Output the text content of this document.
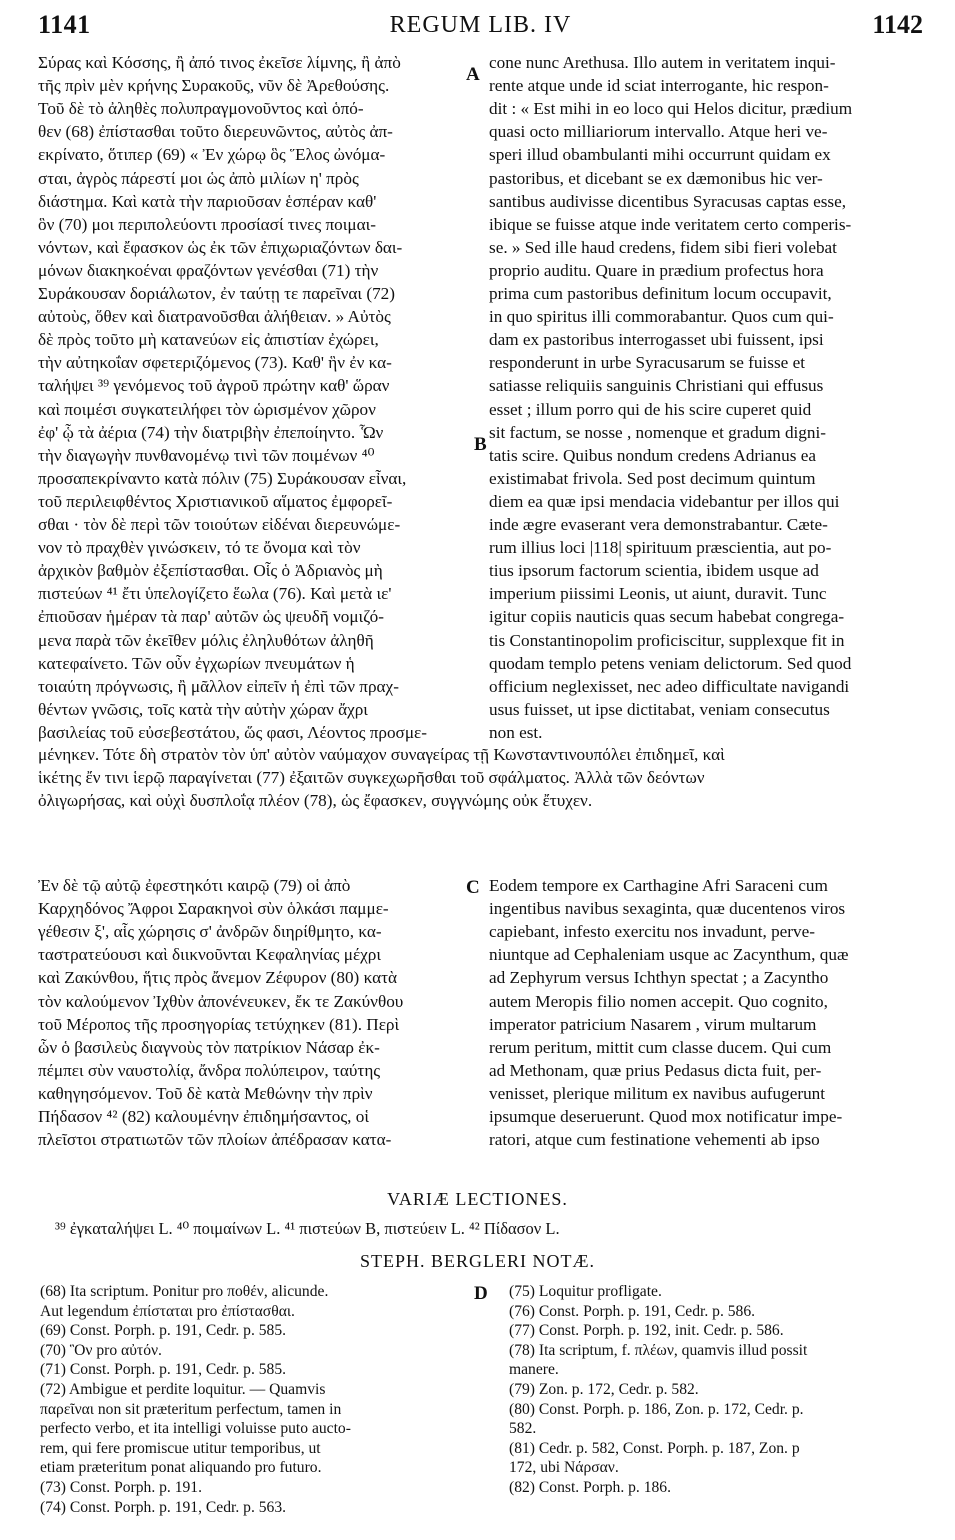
1141	REGUM LIB. IV	1142
Σύρας καὶ Κόσσης, ἢ ἀπό τινος ἐκεῖσε λίμνης, ἢ ἀπὸ
τῆς πρὶν μὲν κρήνης Συρακοῦς, νῦν δὲ Ἀρεθούσης.
Τοῦ δὲ τὸ ἀληθὲς πολυπραγμονοῦντος καὶ ὁπό-
θεν (68) ἐπίστασθαι τοῦτο διερευνῶντος, αὐτὸς ἀπ-
εκρίνατο, ὅτιπερ (69) « Ἐν χώρῳ ὃς Ἕλος ὠνόμα-
σται, ἀγρὸς πάρεστί μοι ὡς ἀπὸ μιλίων η' πρὸς
διάστημα. Καὶ κατὰ τὴν παριοῦσαν ἑσπέραν καθ'
ὃν (70) μοι περιπολεύοντι προσίασί τινες ποιμαι-
νόντων, καὶ ἔφασκον ὡς ἐκ τῶν ἐπιχωριαζόντων δαι-
μόνων διακηκοέναι φραζόντων γενέσθαι (71) τὴν
Συράκουσαν δοριάλωτον, ἐν ταύτῃ τε παρεῖναι (72)
αὐτοὺς, ὅθεν καὶ διατρανοῦσθαι ἀλήθειαν. » Αὐτὸς
δὲ πρὸς τοῦτο μὴ κατανεύων εἰς ἀπιστίαν ἐχώρει,
τὴν αὐτηκοΐαν σφετεριζόμενος (73). Καθ' ἣν ἐν κα-
ταλήψει ³⁹ γενόμενος τοῦ ἀγροῦ πρώτην καθ' ὥραν
καὶ ποιμέσι συγκατειλήφει τὸν ὡρισμένον χῶρον
ἐφ' ᾧ τὰ ἀέρια (74) τὴν διατριβὴν ἐπεποίηντο. Ὧν
τὴν διαγωγὴν πυνθανομένῳ τινὶ τῶν ποιμένων ⁴⁰
προσαπεκρίναντο κατὰ πόλιν (75) Συράκουσαν εἶναι,
τοῦ περιλειφθέντος Χριστιανικοῦ αἵματος ἐμφορεῖ-
σθαι · τὸν δὲ περὶ τῶν τοιούτων εἰδέναι διερευνώμε-
νον τὸ πραχθὲν γινώσκειν, τό τε ὄνομα καὶ τὸν
ἀρχικὸν βαθμὸν ἐξεπίστασθαι. Οἷς ὁ Ἀδριανὸς μὴ
πιστεύων ⁴¹ ἔτι ὑπελογίζετο ἕωλα (76). Καὶ μετὰ ιε'
ἐπιοῦσαν ἡμέραν τὰ παρ' αὐτῶν ὡς ψευδῆ νομιζό-
μενα παρὰ τῶν ἐκεῖθεν μόλις ἐληλυθότων ἀληθῆ
κατεφαίνετο. Τῶν οὖν ἐγχωρίων πνευμάτων ἡ
τοιαύτη πρόγνωσις, ἢ μᾶλλον εἰπεῖν ἡ ἐπὶ τῶν πραχ-
θέντων γνῶσις, τοῖς κατὰ τὴν αὐτὴν χώραν ἄχρι
βασιλείας τοῦ εὐσεβεστάτου, ὥς φασι, Λέοντος προσμε-
cone nunc Arethusa. Illo autem in veritatem inqui-
rente atque unde id sciat interrogante, hic respon-
dit : « Est mihi in eo loco qui Helos dicitur, prædium
quasi octo milliariorum intervallo. Atque heri ve-
speri illud obambulanti mihi occurrunt quidam ex
pastoribus, et dicebant se ex dæmonibus hic ver-
santibus audivisse dicentibus Syracusas captas esse,
ibique se fuisse atque inde veritatem certo comperis-
se. » Sed ille haud credens, fidem sibi fieri volebat
proprio auditu. Quare in prædium profectus hora
prima cum pastoribus definitum locum occupavit,
in quo spiritus illi commorabantur. Quos cum qui-
dam ex pastoribus interrogasset ubi fuissent, ipsi
responderunt in urbe Syracusarum se fuisse et
satiasse reliquiis sanguinis Christiani qui effusus
esset ; illum porro qui de his scire cuperet quid
sit factum, se nosse , nomenque et gradum digni-
tatis scire. Quibus nondum credens Adrianus ea
existimabat frivola. Sed post decimum quintum
diem ea quæ ipsi mendacia videbantur per illos qui
inde ægre evaserant vera demonstrabantur. Cæte-
rum illius loci |118| spirituum præscientia, aut po-
tius ipsorum factorum scientia, ibidem usque ad
imperium piissimi Leonis, ut aiunt, duravit. Tunc
igitur copiis nauticis quas secum habebat congrega-
tis Constantinopolim proficiscitur, supplexque fit in
quodam templo petens veniam delictorum. Sed quod
officium neglexisset, nec adeo difficultate navigandi
usus fuisset, ut ipse dictitabat, veniam consecutus
non est.
μένηκεν. Τότε δὴ στρατὸν τὸν ὑπ' αὐτὸν ναύμαχον συναγείρας τῇ Κωνσταντινουπόλει ἐπιδημεῖ, καὶ
ἱκέτης ἔν τινι ἱερῷ παραγίνεται (77) ἐξαιτῶν συγκεχωρῆσθαι τοῦ σφάλματος. Ἀλλὰ τῶν δεόντων
ὀλιγωρήσας, καὶ οὐχὶ δυσπλοΐᾳ πλέον (78), ὡς ἔφασκεν, συγγνώμης οὐκ ἔτυχεν.
Ἐν δὲ τῷ αὐτῷ ἐφεστηκότι καιρῷ (79) οἱ ἀπὸ
Καρχηδόνος Ἄφροι Σαρακηνοὶ σὺν ὁλκάσι παμμε-
γέθεσιν ξ', αἷς χώρησις σ' ἀνδρῶν διηρίθμητο, κα-
ταστρατεύουσι καὶ διικνοῦνται Κεφαληνίας μέχρι
καὶ Ζακύνθου, ἥτις πρὸς ἄνεμον Ζέφυρον (80) κατὰ
τὸν καλούμενον Ἰχθὺν ἀπονένευκεν, ἔκ τε Ζακύνθου
τοῦ Μέροπος τῆς προσηγορίας τετύχηκεν (81). Περὶ
ὧν ὁ βασιλεὺς διαγνοὺς τὸν πατρίκιον Νάσαρ ἐκ-
πέμπει σὺν ναυστολίᾳ, ἄνδρα πολύπειρον, ταύτης
καθηγησόμενον. Τοῦ δὲ κατὰ Μεθώνην τὴν πρὶν
Πήδασον ⁴² (82) καλουμένην ἐπιδημήσαντος, οἱ
πλεῖστοι στρατιωτῶν τῶν πλοίων ἀπέδρασαν κατα-
Eodem tempore ex Carthagine Afri Saraceni cum
ingentibus navibus sexaginta, quæ ducentenos viros
capiebant, infesto exercitu nos invadunt, perve-
niuntque ad Cephaleniam usque ac Zacynthum, quæ
ad Zephyrum versus Ichthyn spectat ; a Zacyntho
autem Meropis filio nomen accepit. Quo cognito,
imperator patricium Nasarem , virum multarum
rerum peritum, mittit cum classe ducem. Qui cum
ad Methonam, quæ prius Pedasus dicta fuit, per-
venisset, plerique militum ex navibus aufugerunt
ipsumque deseruerunt. Quod mox notificatur impe-
ratori, atque cum festinatione vehementi ab ipso
A
B
C
D
VARIÆ LECTIONES.
³⁹ ἐγκαταλήψει L. ⁴⁰ ποιμαίνων L. ⁴¹ πιστεύων B, πιστεύειν L. ⁴² Πίδασον L.
STEPH. BERGLERI NOTÆ.
(68) Ita scriptum. Ponitur pro ποθέν, alicunde.
Aut legendum ἐπίσταται pro ἐπίστασθαι.
(69) Const. Porph. p. 191, Cedr. p. 585.
(70) Ὃν pro αὐτόν.
(71) Const. Porph. p. 191, Cedr. p. 585.
(72) Ambigue et perdite loquitur. — Quamvis
παρεῖναι non sit præteritum perfectum, tamen in
perfecto verbo, et ita intelligi voluisse puto aucto-
rem, qui fere promiscue utitur temporibus, ut
etiam præteritum ponat aliquando pro futuro.
(73) Const. Porph. p. 191.
(74) Const. Porph. p. 191, Cedr. p. 563.
(75) Loquitur profligate.
(76) Const. Porph. p. 191, Cedr. p. 586.
(77) Const. Porph. p. 192, init. Cedr. p. 586.
(78) Ita scriptum, f. πλέων, quamvis illud possit
manere.
(79) Zon. p. 172, Cedr. p. 582.
(80) Const. Porph. p. 186, Zon. p. 172, Cedr. p.
582.
(81) Cedr. p. 582, Const. Porph. p. 187, Zon. p
172, ubi Νάρσαν.
(82) Const. Porph. p. 186.
